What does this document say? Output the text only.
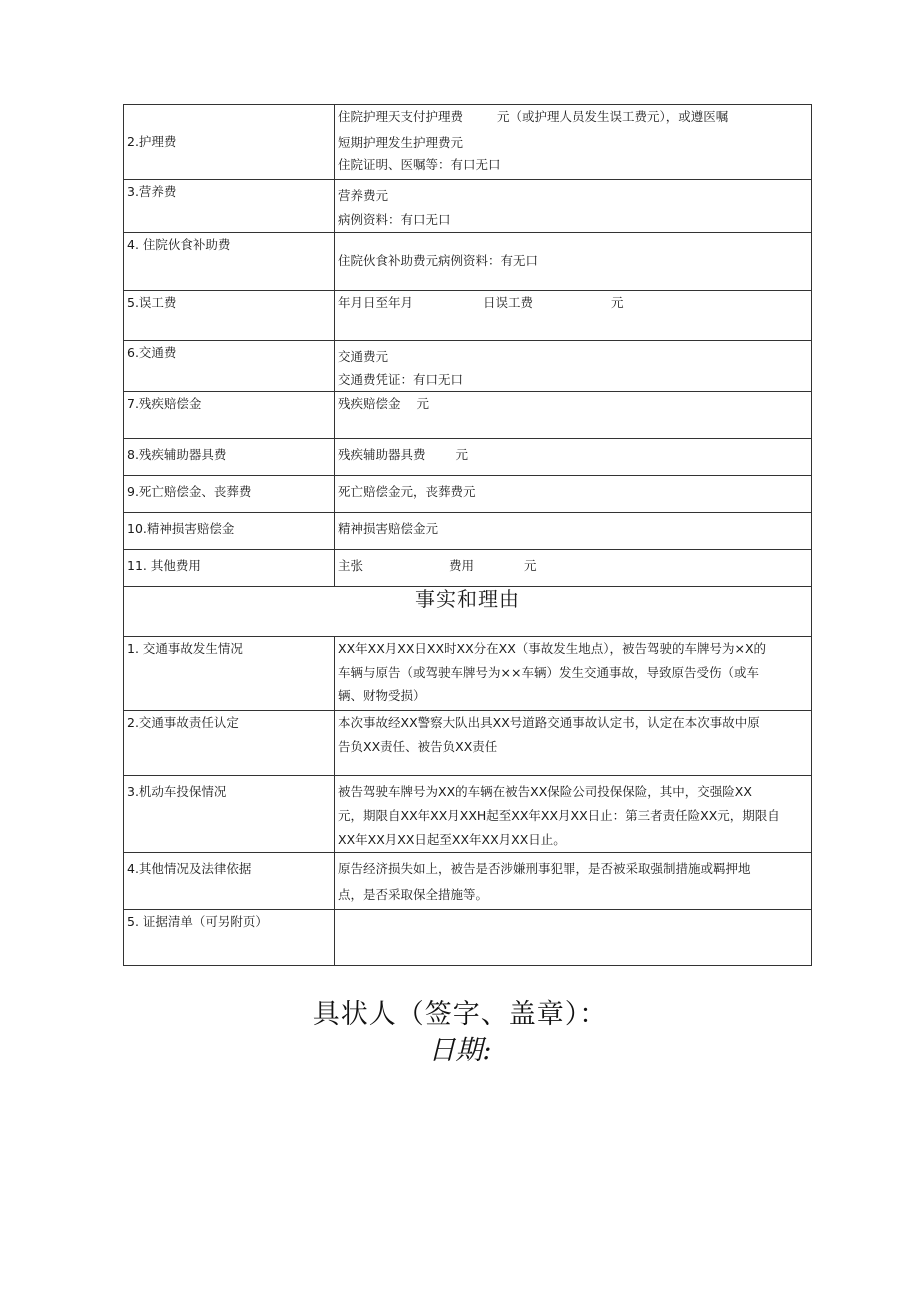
2.护理费	住院护理天支付护理费 元（或护理人员发生误工费元），或遵医嘱
短期护理发生护理费元
住院证明、医嘱等：有口无口

3.营养费	营养费元
病例资料：有口无口

4. 住院伙食补助费	住院伙食补助费元病例资料：有无口

5.误工费	年月日至年月 日误工费 元

6.交通费	交通费元
交通费凭证：有口无口

7.残疾赔偿金	残疾赔偿金 元

8.残疾辅助器具费	残疾辅助器具费 元

9.死亡赔偿金、丧葬费	死亡赔偿金元，丧葬费元

10.精神损害赔偿金	精神损害赔偿金元

11. 其他费用	主张 费用 元

事实和理由	
1. 交通事故发生情况	XX年XX月XX日XX时XX分在XX（事故发生地点），被告驾驶的车牌号为×X的
车辆与原告（或驾驶车牌号为××车辆）发生交通事故，导致原告受伤（或车
辆、财物受损）

2.交通事故责任认定	本次事故经XX警察大队出具XX号道路交通事故认定书，认定在本次事故中原
告负XX责任、被告负XX责任

3.机动车投保情况	被告驾驶车牌号为XX的车辆在被告XX保险公司投保保险，其中，交强险XX
元，期限自XX年XX月XXH起至XX年XX月XX日止：第三者责任险XX元，期限自
XX年XX月XX日起至XX年XX月XX日止。

4.其他情况及法律依据	原告经济损失如上，被告是否涉嫌刑事犯罪，是否被采取强制措施或羁押地
点，是否采取保全措施等。

5. 证据清单（可另附页）	
具状人（签字、盖章）：
日期:
